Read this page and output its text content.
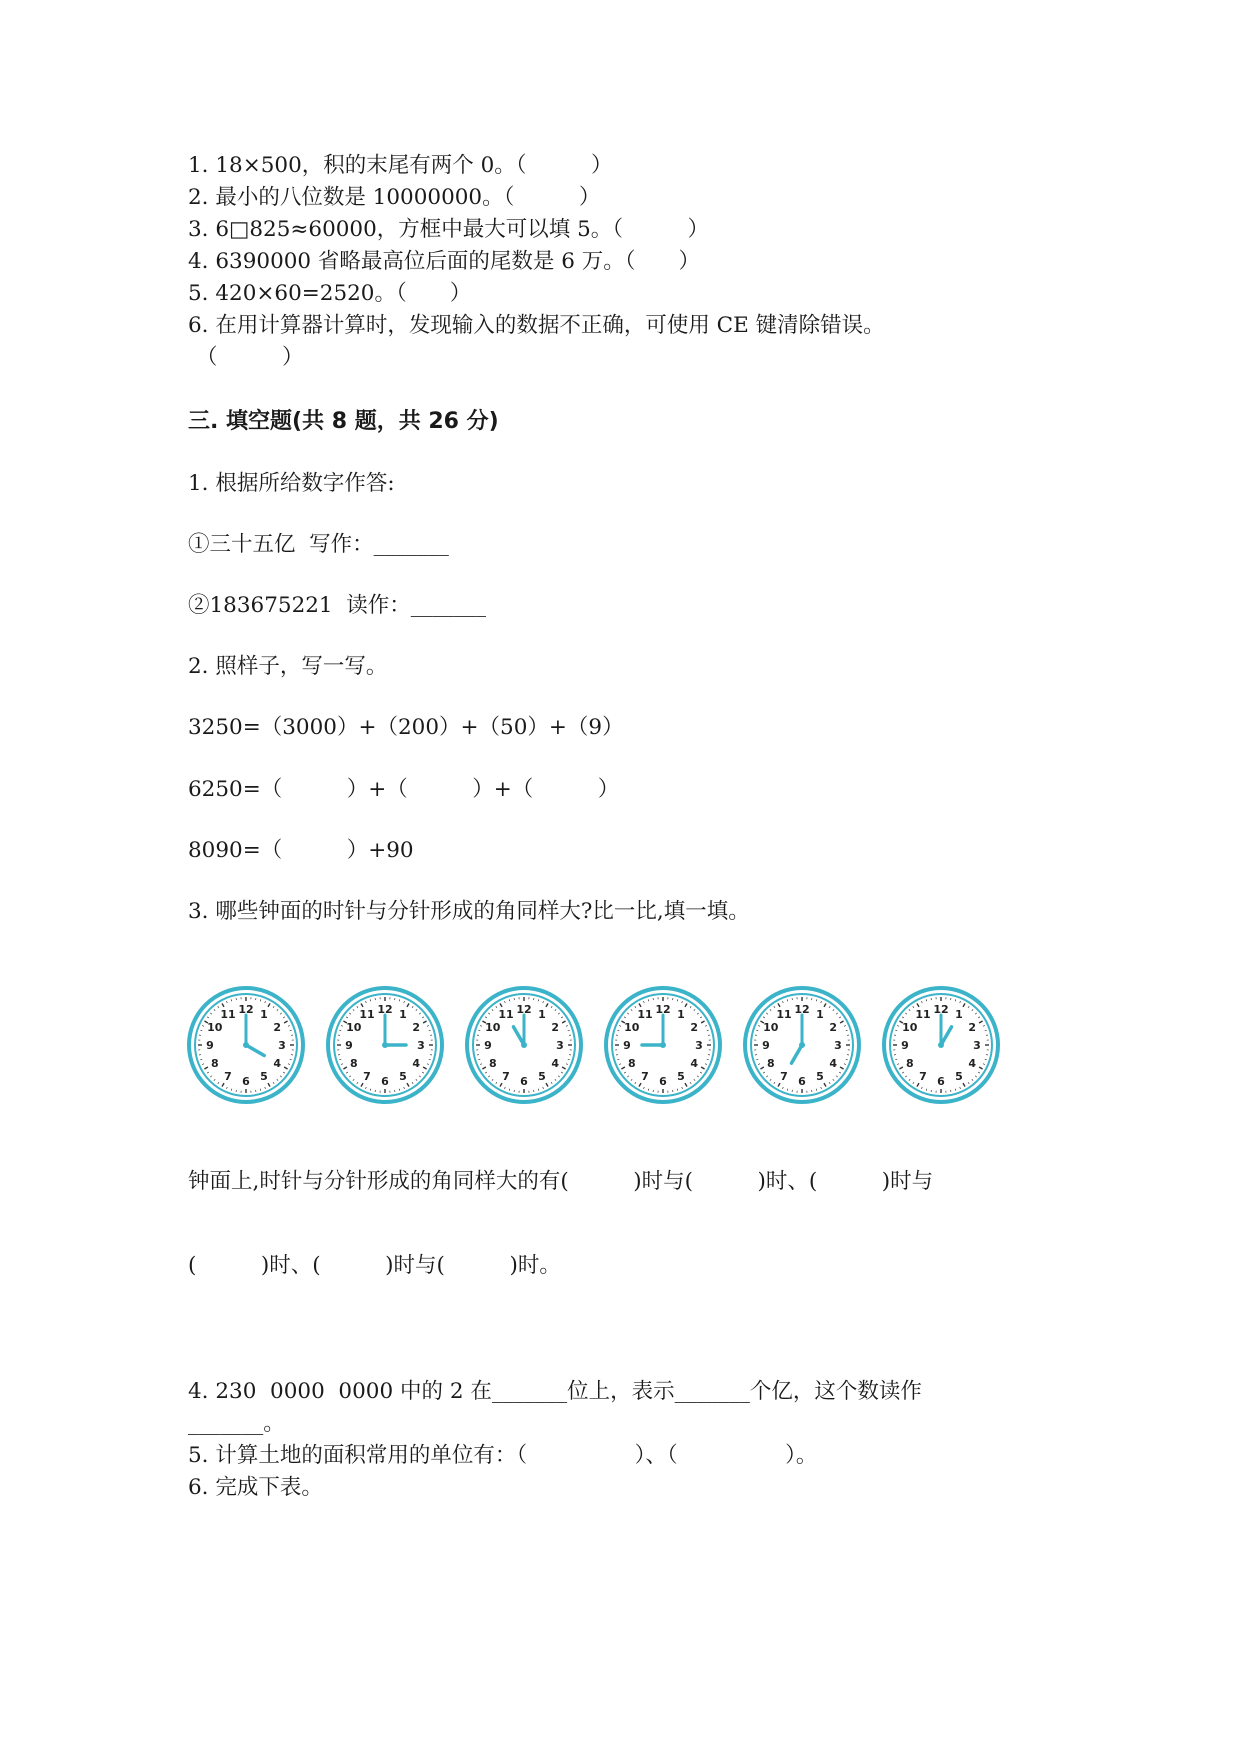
1. 18×500，积的末尾有两个 0。（　　　）
2. 最小的八位数是 10000000。（　　　）
3. 6□825≈60000，方框中最大可以填 5。（　　　）
4. 6390000 省略最高位后面的尾数是 6 万。（　　）
5. 420×60=2520。（　　）
6. 在用计算器计算时，发现输入的数据不正确，可使用 CE 键清除错误。
（　　　）
三. 填空题(共 8 题，共 26 分)
1. 根据所给数字作答:
①三十五亿  写作：_______
②183675221  读作：_______
2. 照样子，写一写。
3250=（3000）+（200）+（50）+（9）
6250=（　　　）+（　　　）+（　　　）
8090=（　　　）+90
3. 哪些钟面的时针与分针形成的角同样大?比一比,填一填。
12 1
2
3
4
5
6
7
8
9
10
11	12 1
2
3
4
5
6
7
8
9
10
11	12 1
2
3
4
5
6
7
8
9
10
11	12 1
2
3
4
5
6
7
8
9
10
11	12 1
2
3
4
5
6
7
8
9
10
11	12 1
2
3
4
5
6
7
8
9
10
11
钟面上,时针与分针形成的角同样大的有(　　　)时与(　　　)时、(　　　)时与
(　　　)时、(　　　)时与(　　　)时。
4. 230  0000  0000 中的 2 在_______位上，表示_______个亿，这个数读作
_______。
5. 计算土地的面积常用的单位有：（　　　　　）、（　　　　　）。
6. 完成下表。
